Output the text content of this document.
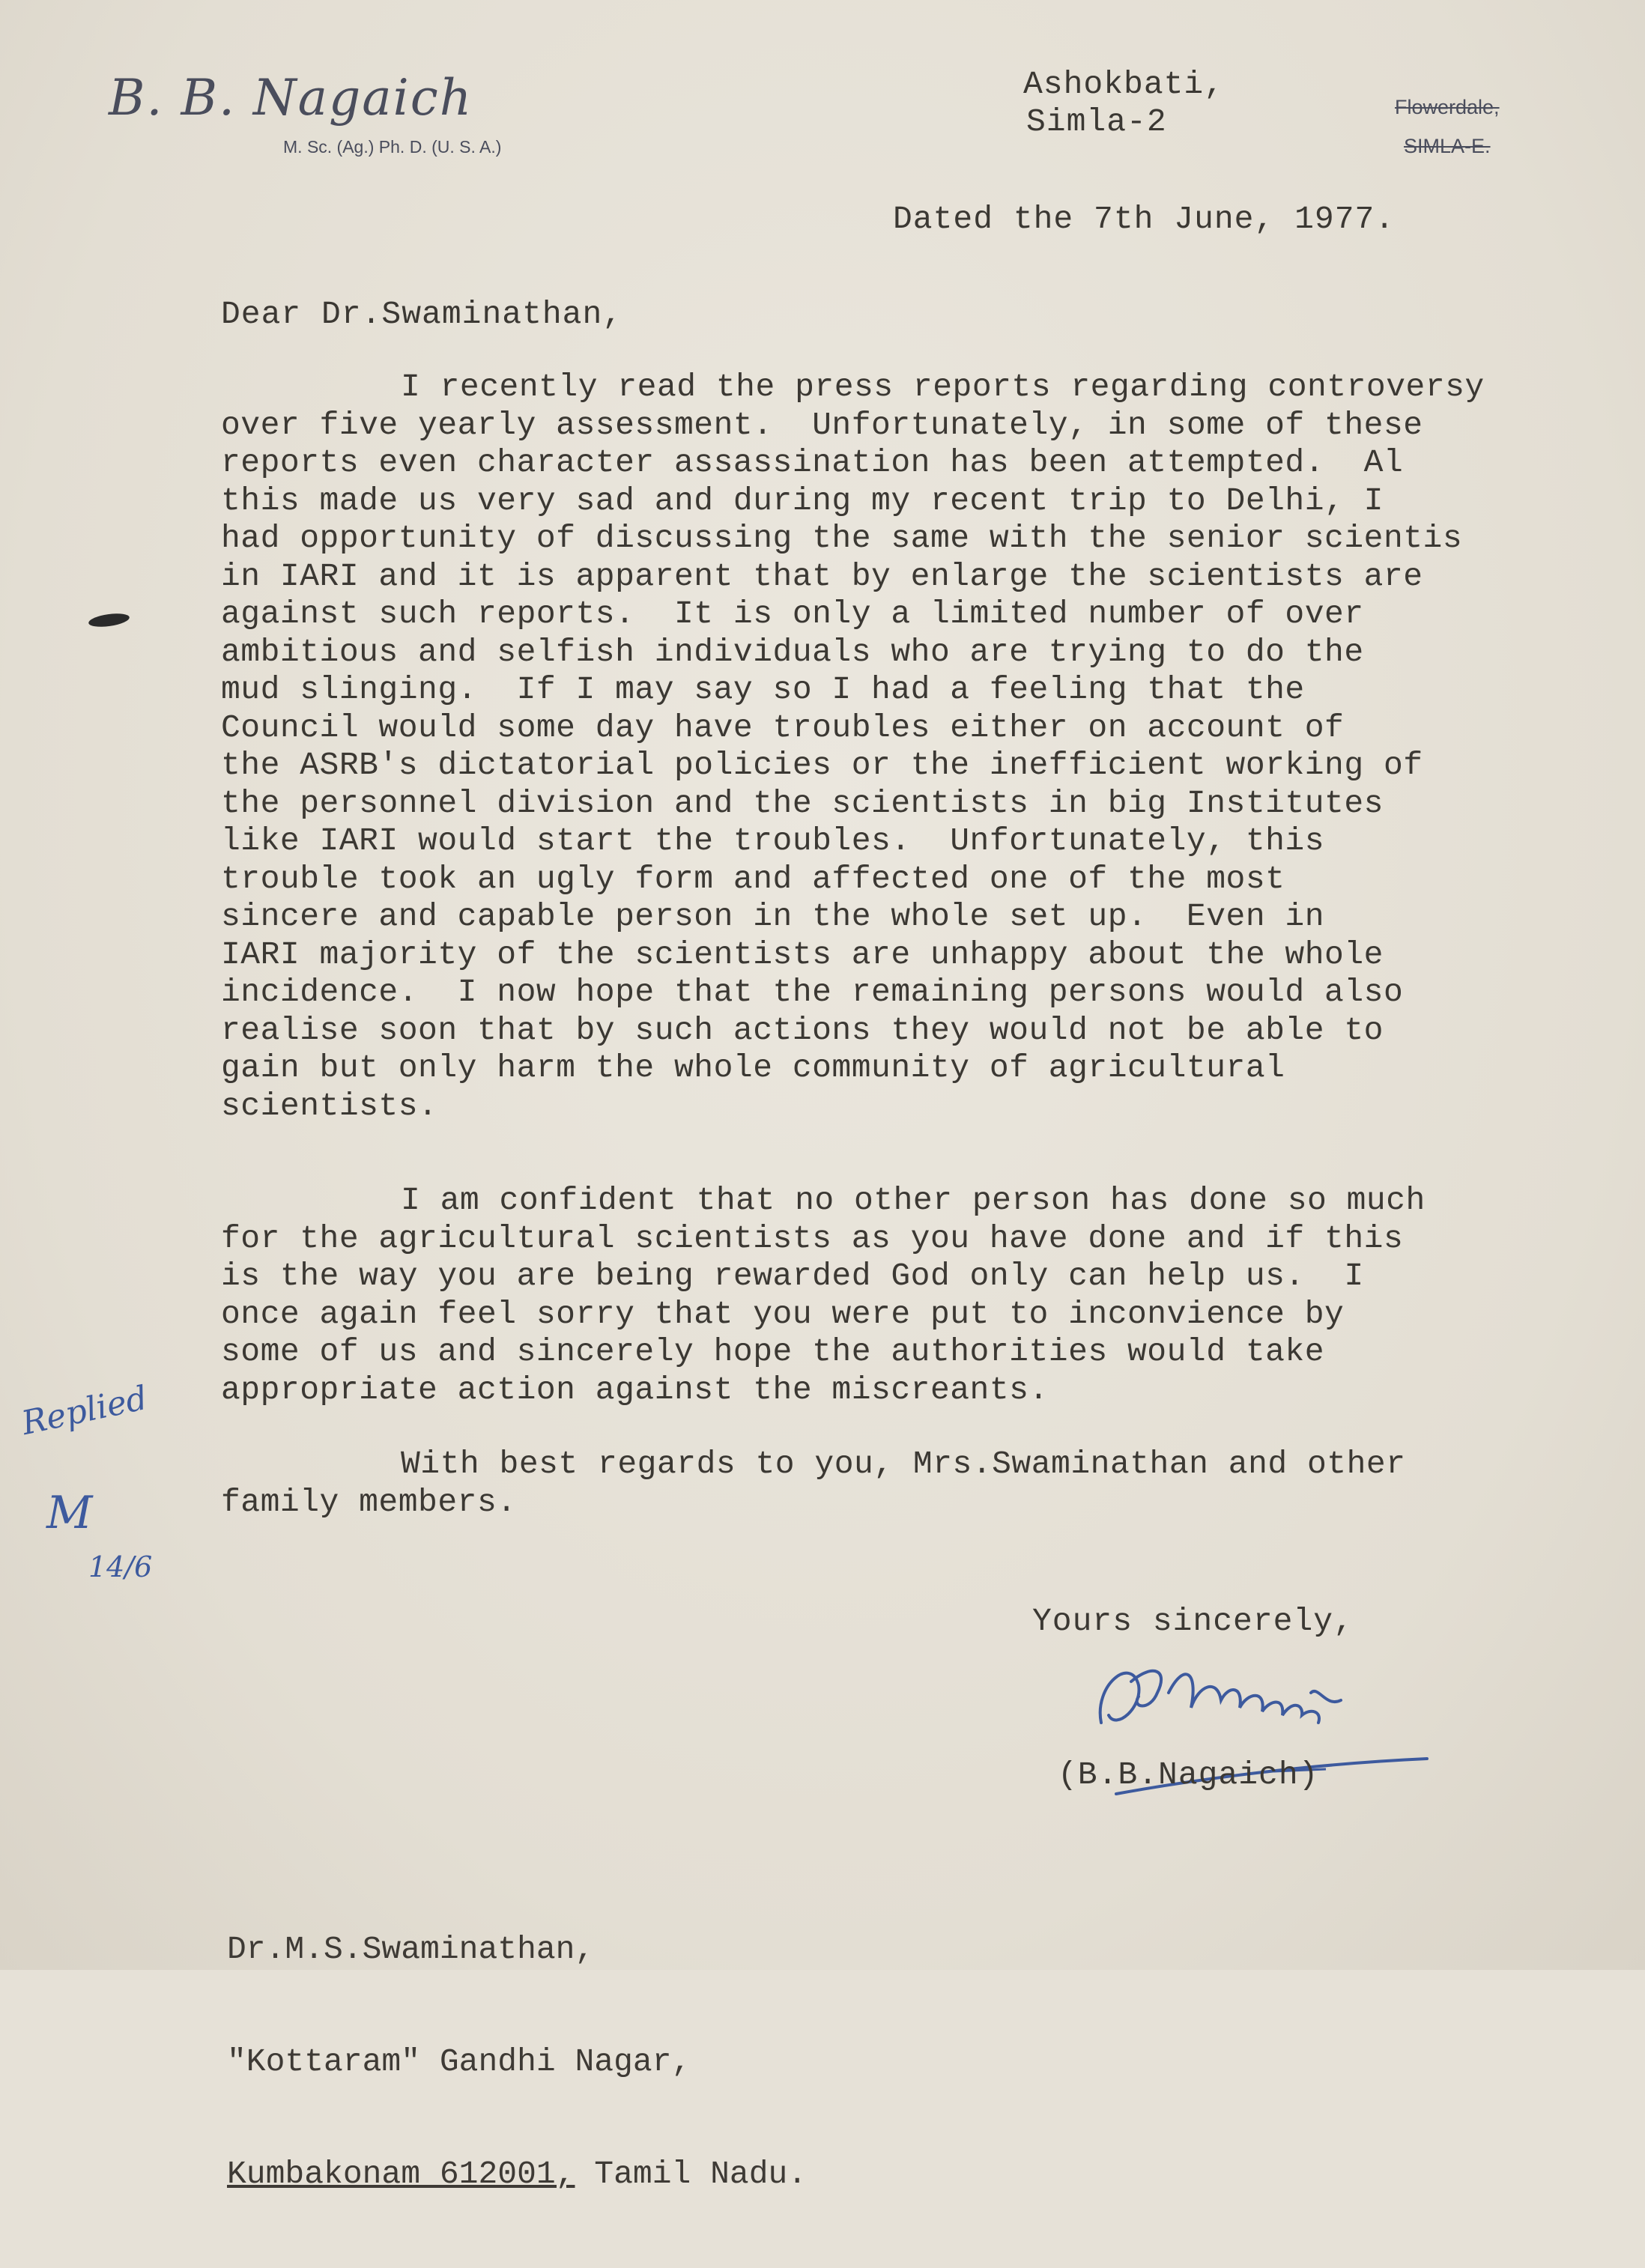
B. B. Nagaich
M. Sc. (Ag.) Ph. D. (U. S. A.)
Ashokbati,
Simla-2	Flowerdale,
SIMLA-E.
Dated the 7th June, 1977.
Dear Dr.Swaminathan,
I recently read the press reports regarding controversy
over five yearly assessment.  Unfortunately, in some of these
reports even character assassination has been attempted.  Al
this made us very sad and during my recent trip to Delhi, I
had opportunity of discussing the same with the senior scientis
in IARI and it is apparent that by enlarge the scientists are
against such reports.  It is only a limited number of over
ambitious and selfish individuals who are trying to do the
mud slinging.  If I may say so I had a feeling that the
Council would some day have troubles either on account of
the ASRB's dictatorial policies or the inefficient working of
the personnel division and the scientists in big Institutes
like IARI would start the troubles.  Unfortunately, this
trouble took an ugly form and affected one of the most
sincere and capable person in the whole set up.  Even in
IARI majority of the scientists are unhappy about the whole
incidence.  I now hope that the remaining persons would also
realise soon that by such actions they would not be able to
gain but only harm the whole community of agricultural
scientists.
I am confident that no other person has done so much
for the agricultural scientists as you have done and if this
is the way you are being rewarded God only can help us.  I
once again feel sorry that you were put to inconvience by
some of us and sincerely hope the authorities would take
appropriate action against the miscreants.
With best regards to you, Mrs.Swaminathan and other
family members.
Yours sincerely,
(B.B.Nagaich)

Dr.M.S.Swaminathan,

"Kottaram" Gandhi Nagar,

Kumbakonam 612001, Tamil Nadu.

Replied
M
14/6
